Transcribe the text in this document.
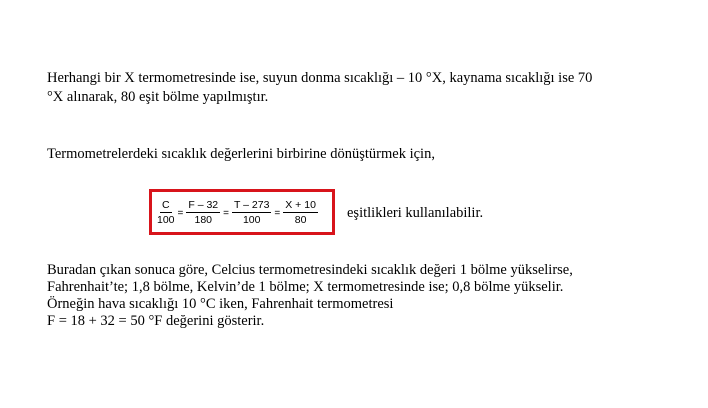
Herhangi bir X termometresinde ise, suyun donma sıcaklığı – 10 °X, kaynama sıcaklığı ise 70
°X alınarak, 80 eşit bölme yapılmıştır.
Termometrelerdeki sıcaklık değerlerini birbirine dönüştürmek için,
$\frac{C}{100} = \frac{F - 32}{180} = \frac{T - 273}{100} = \frac{X + 10}{80}$ eşitlikleri kullanılabilir.
Buradan çıkan sonuca göre, Celcius termometresindeki sıcaklık değeri 1 bölme yükselirse,
Fahrenhait’te; 1,8 bölme, Kelvin’de 1 bölme; X termometresinde ise; 0,8 bölme yükselir.
Örneğin hava sıcaklığı 10 °C iken, Fahrenhait termometresi
F = 18 + 32 = 50 °F değerini gösterir.
